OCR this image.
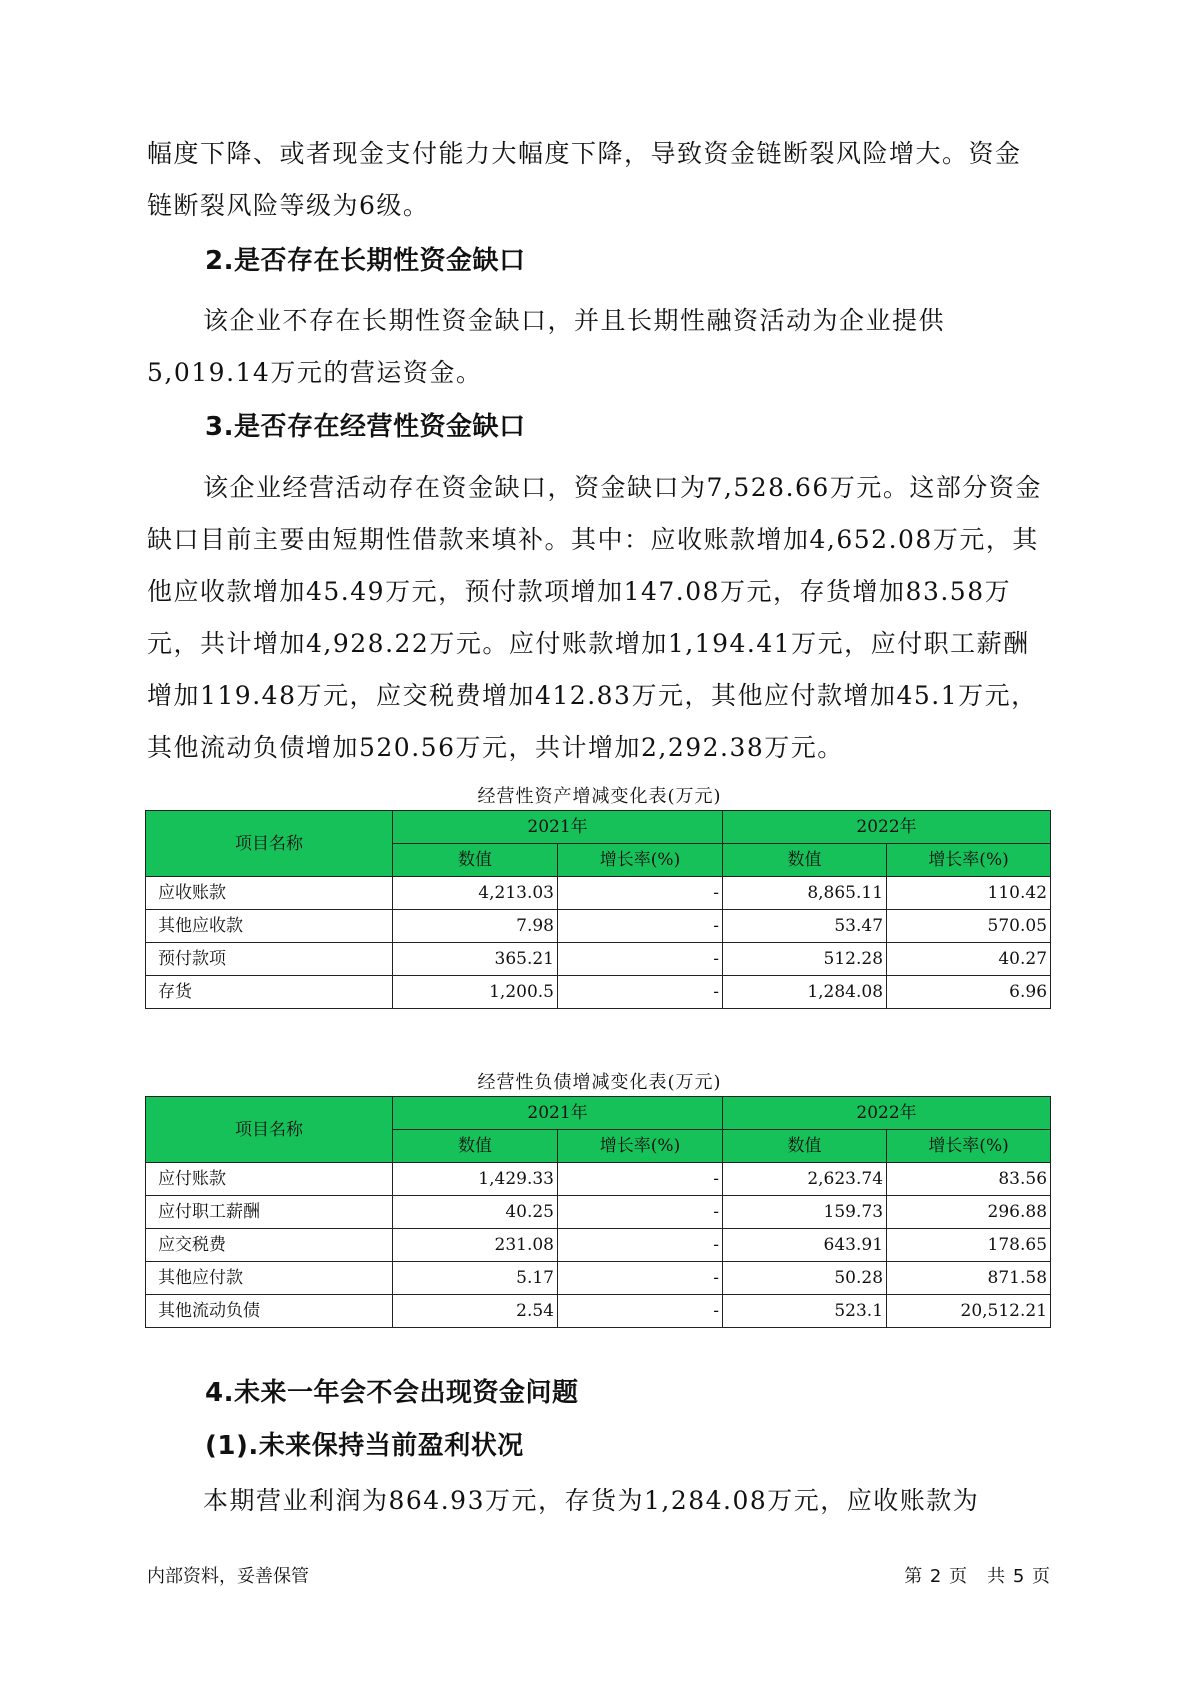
幅度下降、或者现金支付能力大幅度下降，导致资金链断裂风险增大。资金链断裂风险等级为6级。

2.是否存在长期性资金缺口

该企业不存在长期性资金缺口，并且长期性融资活动为企业提供5,019.14万元的营运资金。

3.是否存在经营性资金缺口

该企业经营活动存在资金缺口，资金缺口为7,528.66万元。这部分资金缺口目前主要由短期性借款来填补。其中：应收账款增加4,652.08万元，其他应收款增加45.49万元，预付款项增加147.08万元，存货增加83.58万元，共计增加4,928.22万元。应付账款增加1,194.41万元，应付职工薪酬增加119.48万元，应交税费增加412.83万元，其他应付款增加45.1万元，其他流动负债增加520.56万元，共计增加2,292.38万元。

经营性资产增减变化表(万元)

项目名称	2021年		2022年	
	数值	增长率(%)	数值	增长率(%)
应收账款	4,213.03	-	8,865.11	110.42
其他应收款	7.98	-	53.47	570.05
预付款项	365.21	-	512.28	40.27
存货	1,200.5	-	1,284.08	6.96

经营性负债增减变化表(万元)

项目名称	2021年		2022年	
	数值	增长率(%)	数值	增长率(%)
应付账款	1,429.33	-	2,623.74	83.56
应付职工薪酬	40.25	-	159.73	296.88
应交税费	231.08	-	643.91	178.65
其他应付款	5.17	-	50.28	871.58
其他流动负债	2.54	-	523.1	20,512.21
4.未来一年会不会出现资金问题
(1).未来保持当前盈利状况

本期营业利润为864.93万元，存货为1,284.08万元，应收账款为

内部资料，妥善保管	第 2 页　共 5 页
